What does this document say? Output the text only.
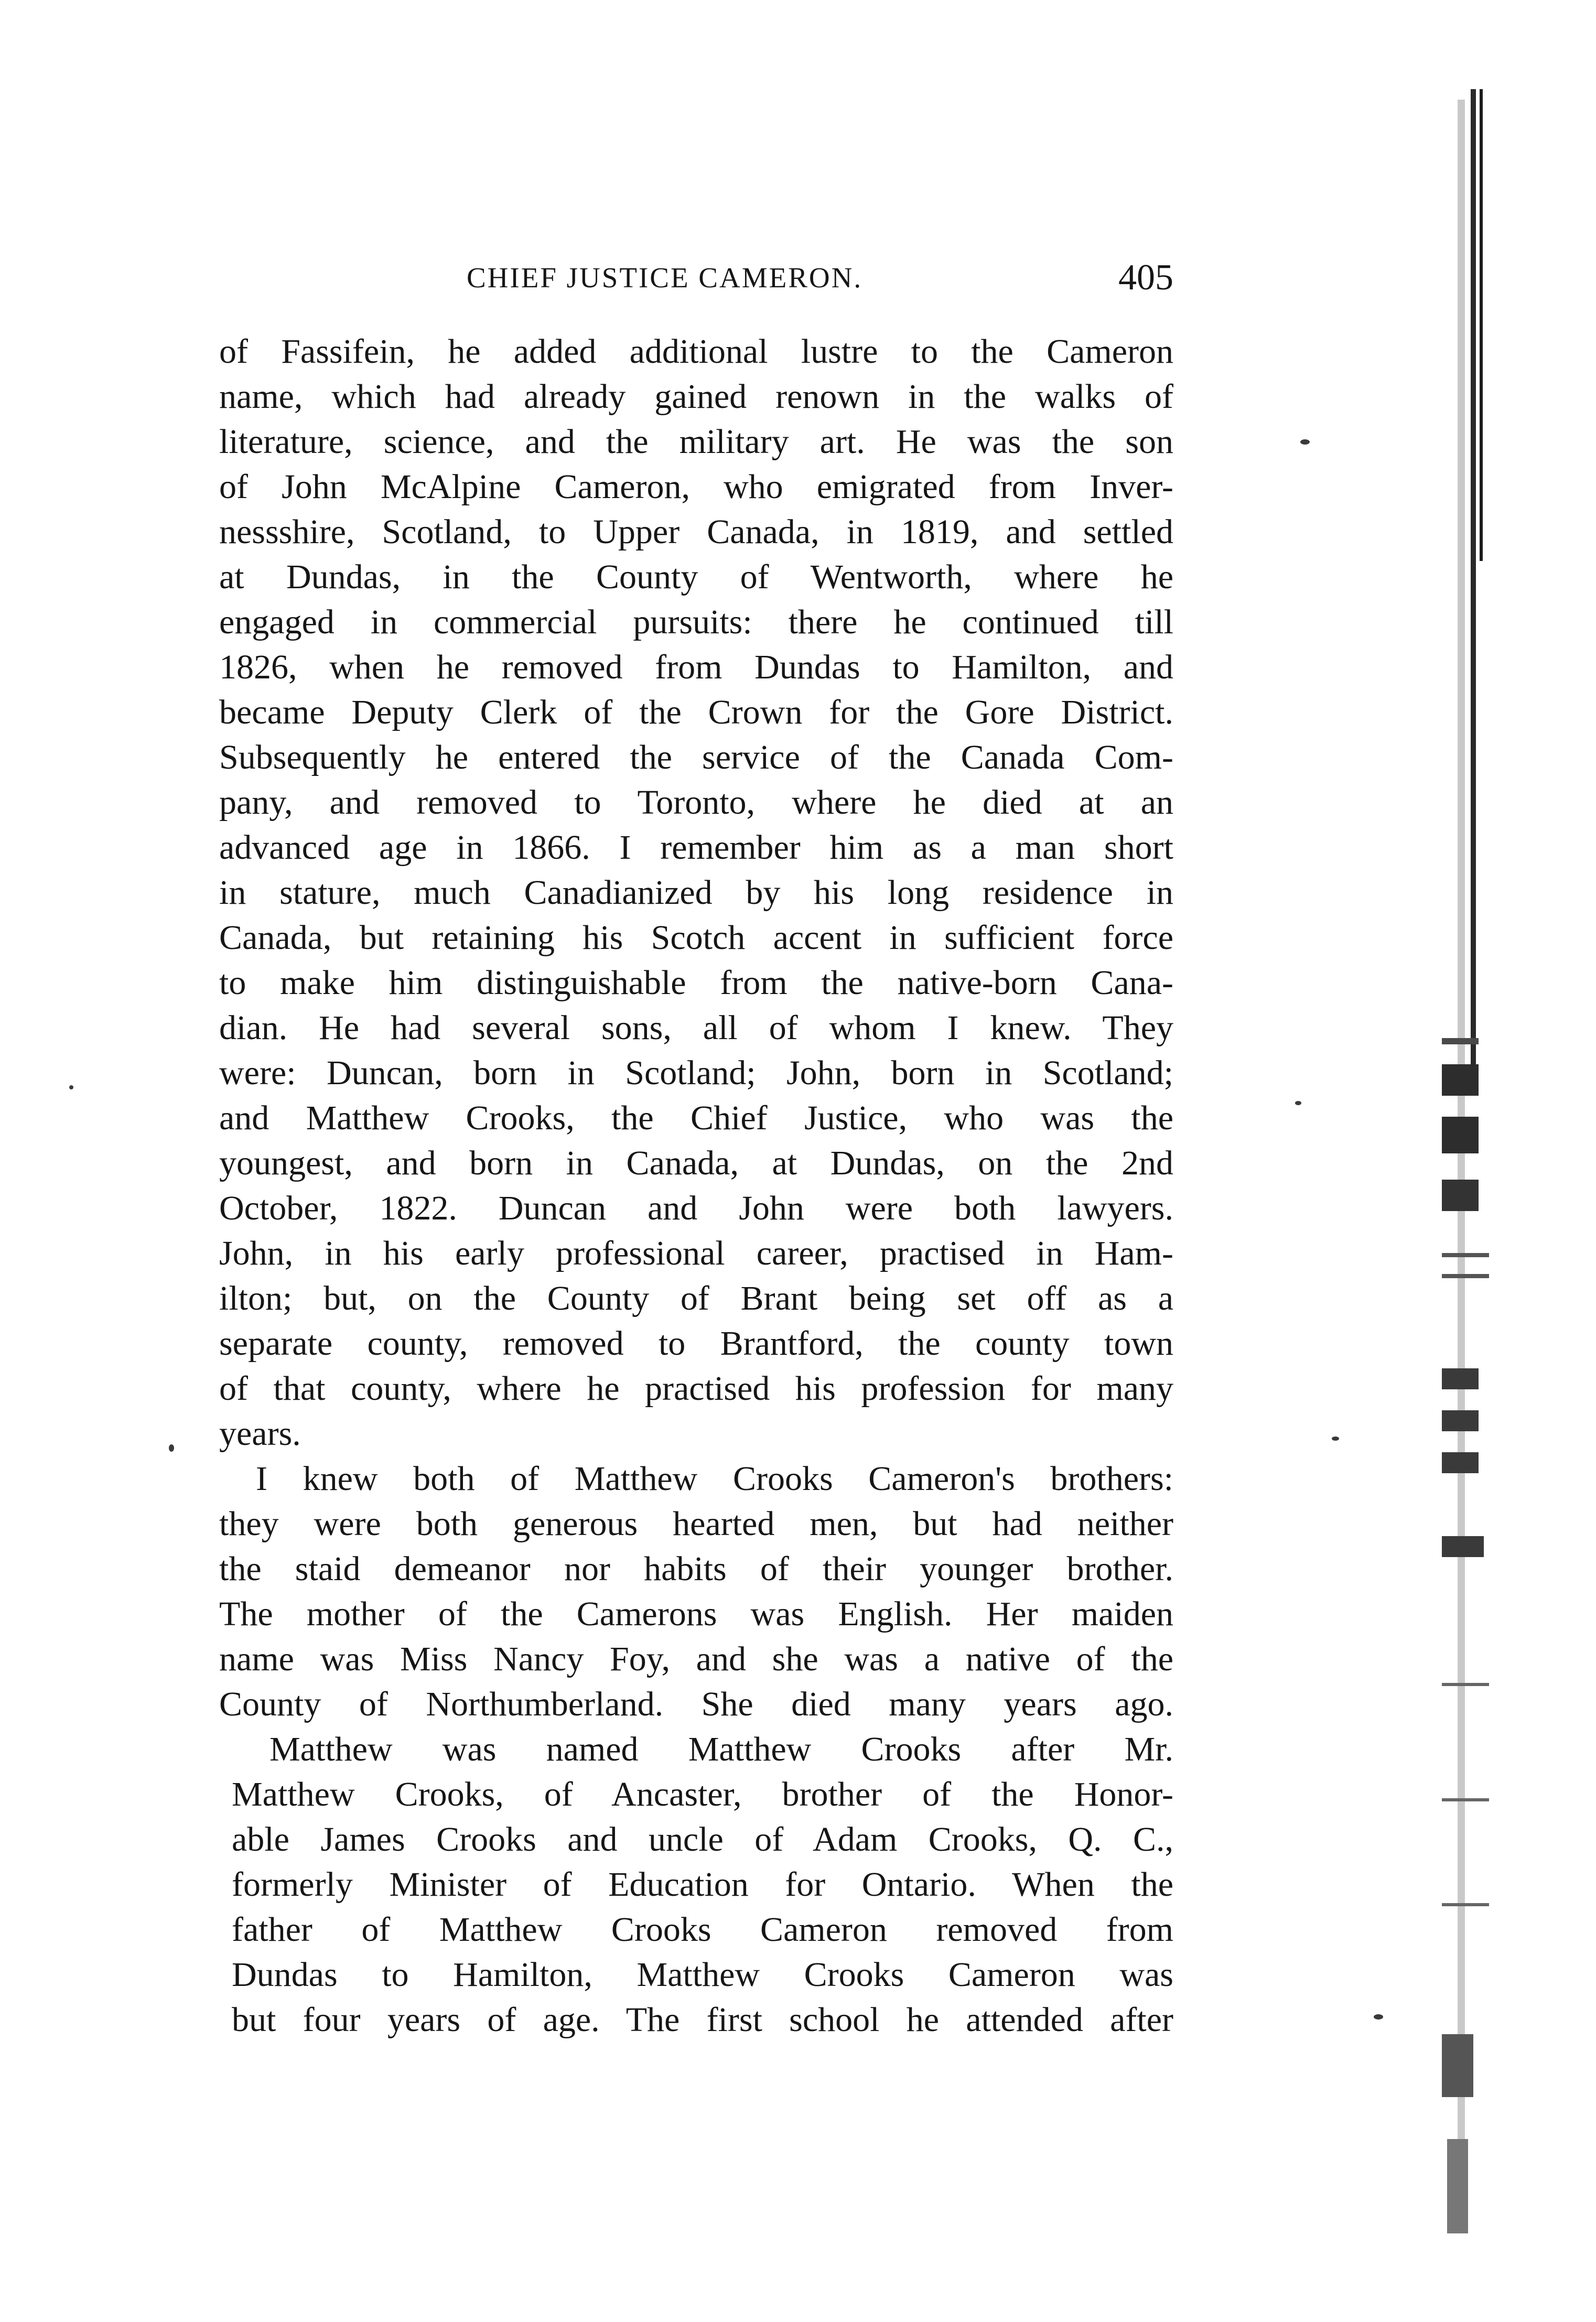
CHIEF JUSTICE CAMERON.	405
of Fassifein, he added additional lustre to the Cameron
name, which had already gained renown in the walks of
literature, science, and the military art. He was the son
of John McAlpine Cameron, who emigrated from Inver-
nessshire, Scotland, to Upper Canada, in 1819, and settled
at Dundas, in the County of Wentworth, where he
engaged in commercial pursuits: there he continued till
1826, when he removed from Dundas to Hamilton, and
became Deputy Clerk of the Crown for the Gore District.
Subsequently he entered the service of the Canada Com-
pany, and removed to Toronto, where he died at an
advanced age in 1866. I remember him as a man short
in stature, much Canadianized by his long residence in
Canada, but retaining his Scotch accent in sufficient force
to make him distinguishable from the native-born Cana-
dian. He had several sons, all of whom I knew. They
were: Duncan, born in Scotland; John, born in Scotland;
and Matthew Crooks, the Chief Justice, who was the
youngest, and born in Canada, at Dundas, on the 2nd
October, 1822. Duncan and John were both lawyers.
John, in his early professional career, practised in Ham-
ilton; but, on the County of Brant being set off as a
separate county, removed to Brantford, the county town
of that county, where he practised his profession for many
years.
I knew both of Matthew Crooks Cameron's brothers:
they were both generous hearted men, but had neither
the staid demeanor nor habits of their younger brother.
The mother of the Camerons was English. Her maiden
name was Miss Nancy Foy, and she was a native of the
County of Northumberland. She died many years ago.
Matthew was named Matthew Crooks after Mr.
Matthew Crooks, of Ancaster, brother of the Honor-
able James Crooks and uncle of Adam Crooks, Q. C.,
formerly Minister of Education for Ontario. When the
father of Matthew Crooks Cameron removed from
Dundas to Hamilton, Matthew Crooks Cameron was
but four years of age. The first school he attended after
